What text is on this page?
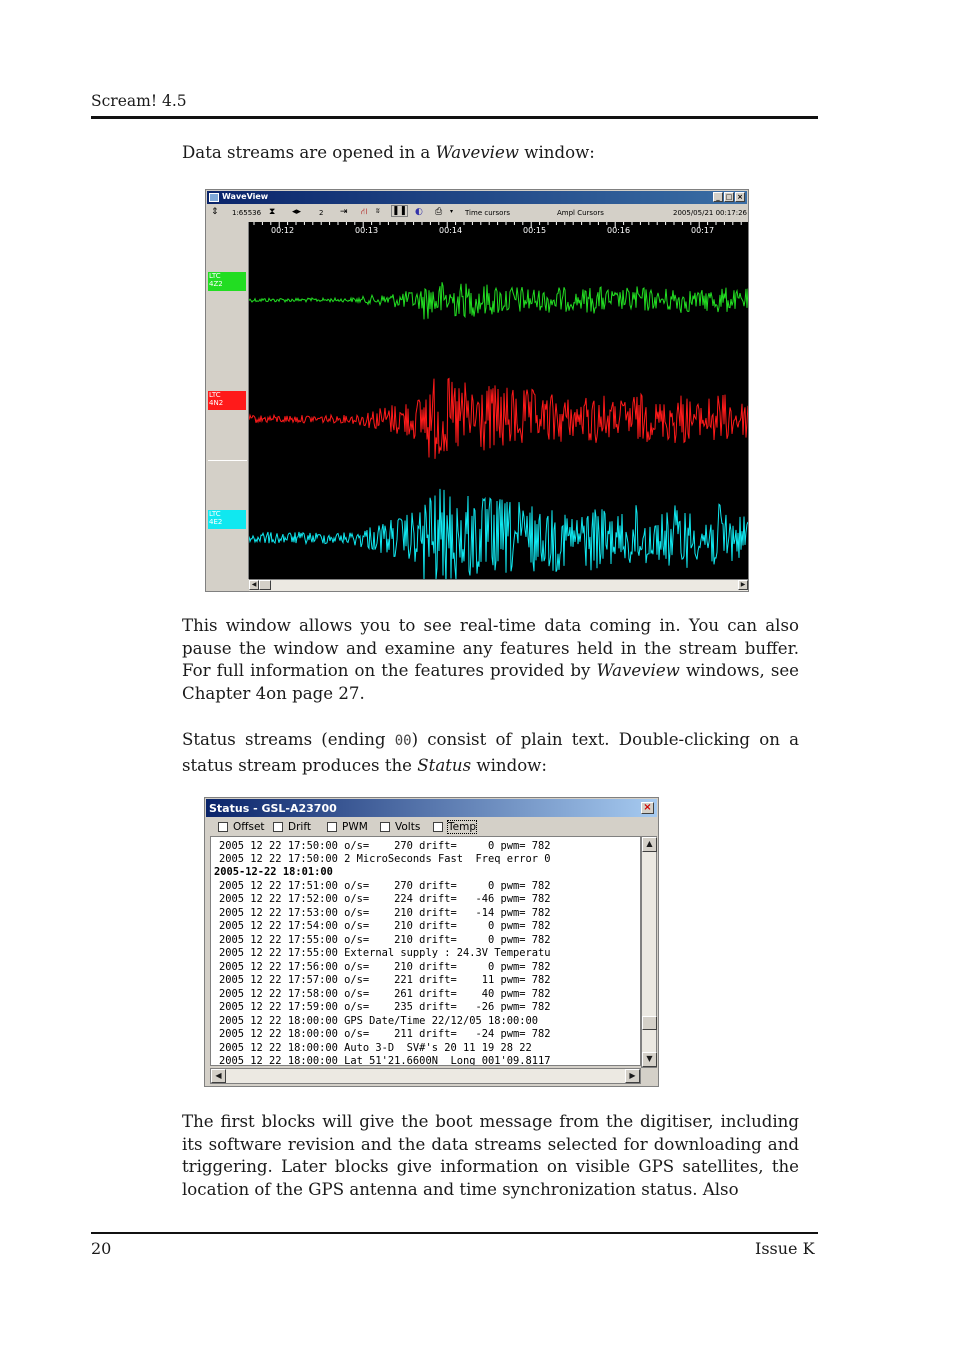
Scream! 4.5
Data streams are opened in a Waveview window:
WaveView	_ □ ×
⇕ 1:65536 ⧗ ◂▸	2 ⇥ ⛙ ʬ ❚❚ ◐ ⎙ ▾ Time cursors	Ampl Cursors	2005/05/21 00:17:26
LTC
4Z2
LTC
4N2
LTC
4E2
00:12	00:13	00:14	00:15	00:16	00:17
◀	▶
This window allows you to see real-time data coming in. You can also pause the window and examine any features held in the stream buffer. For full information on the features provided by Waveview windows, see Chapter 4on page 27.
Status streams (ending 00) consist of plain text. Double-clicking on a status stream produces the Status window:
Status - GSL-A23700	×
Offset Drift	PWM	Volts	Temp
2005 12 22 17:50:00 o/s=    270 drift=     0 pwm= 782
2005 12 22 17:50:00 2 MicroSeconds Fast  Freq error 0
2005-12-22 18:01:00
2005 12 22 17:51:00 o/s=    270 drift=     0 pwm= 782
2005 12 22 17:52:00 o/s=    224 drift=   -46 pwm= 782
2005 12 22 17:53:00 o/s=    210 drift=   -14 pwm= 782
2005 12 22 17:54:00 o/s=    210 drift=     0 pwm= 782
2005 12 22 17:55:00 o/s=    210 drift=     0 pwm= 782
2005 12 22 17:55:00 External supply : 24.3V Temperatu
2005 12 22 17:56:00 o/s=    210 drift=     0 pwm= 782
2005 12 22 17:57:00 o/s=    221 drift=    11 pwm= 782
2005 12 22 17:58:00 o/s=    261 drift=    40 pwm= 782
2005 12 22 17:59:00 o/s=    235 drift=   -26 pwm= 782
2005 12 22 18:00:00 GPS Date/Time 22/12/05 18:00:00
2005 12 22 18:00:00 o/s=    211 drift=   -24 pwm= 782
2005 12 22 18:00:00 Auto 3-D  SV#'s 20 11 19 28 22
2005 12 22 18:00:00 Lat 51'21.6600N  Long 001'09.8117
▲
▼
◀	▶
The first blocks will give the boot message from the digitiser, including its software revision and the data streams selected for downloading and triggering. Later blocks give information on visible GPS satellites, the location of the GPS antenna and time synchronization status. Also
20	Issue K
